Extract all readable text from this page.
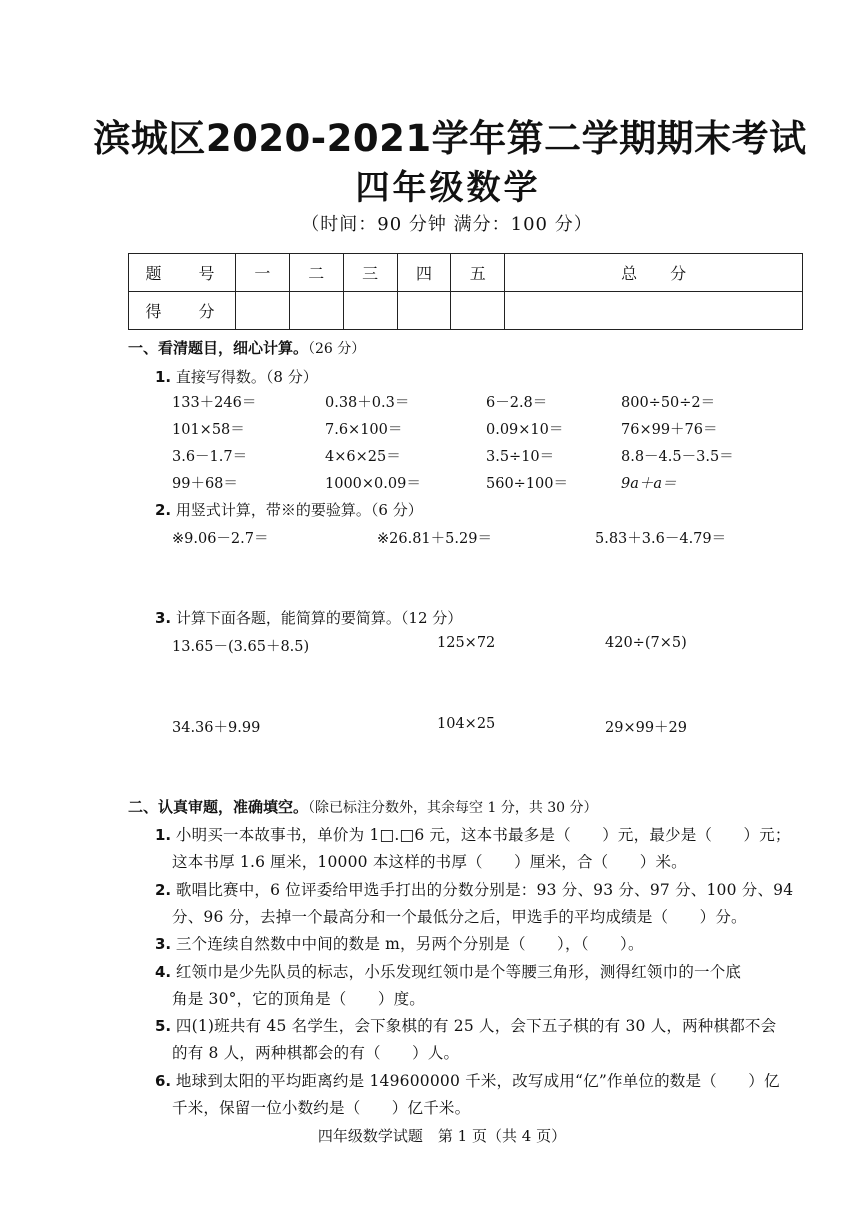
滨城区2020-2021学年第二学期期末考试
四年级数学
（时间：90 分钟 满分：100 分）
题 号	一	二	三	四	五	总 分
得 分						
一、看清题目，细心计算。（26 分）
1. 直接写得数。（8 分）
133＋246＝	0.38＋0.3＝	6－2.8＝	800÷50÷2＝
101×58＝	7.6×100＝	0.09×10＝	76×99＋76＝
3.6－1.7＝	4×6×25＝	3.5÷10＝	8.8－4.5－3.5＝
99＋68＝	1000×0.09＝	560÷100＝	9a＋a＝
2. 用竖式计算，带※的要验算。（6 分）
※9.06－2.7＝	※26.81＋5.29＝	5.83＋3.6－4.79＝
3. 计算下面各题，能简算的要简算。（12 分）
13.65－(3.65＋8.5)	125×72	420÷(7×5)
34.36＋9.99	104×25	29×99＋29
二、认真审题，准确填空。（除已标注分数外，其余每空 1 分，共 30 分）
1. 小明买一本故事书，单价为 1□.□6 元，这本书最多是（　　）元，最少是（　　）元；
这本书厚 1.6 厘米，10000 本这样的书厚（　　）厘米，合（　　）米。
2. 歌唱比赛中，6 位评委给甲选手打出的分数分别是：93 分、93 分、97 分、100 分、94
分、96 分，去掉一个最高分和一个最低分之后，甲选手的平均成绩是（　　）分。
3. 三个连续自然数中中间的数是 m，另两个分别是（　　），（　　）。
4. 红领巾是少先队员的标志，小乐发现红领巾是个等腰三角形，测得红领巾的一个底
角是 30°，它的顶角是（　　）度。
5. 四(1)班共有 45 名学生，会下象棋的有 25 人，会下五子棋的有 30 人，两种棋都不会
的有 8 人，两种棋都会的有（　　）人。
6. 地球到太阳的平均距离约是 149600000 千米，改写成用“亿”作单位的数是（　　）亿
千米，保留一位小数约是（　　）亿千米。
四年级数学试题　第 1 页（共 4 页）
